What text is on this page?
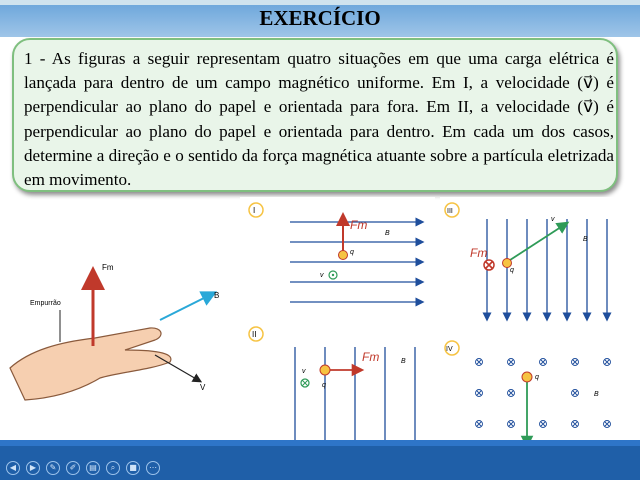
EXERCÍCIO
1 - As figuras a seguir representam quatro situações em que uma carga elétrica é lançada para dentro de um campo magnético uniforme. Em I, a velocidade (v⃗) é perpendicular ao plano do papel e orientada para fora. Em II, a velocidade (v⃗) é perpendicular ao plano do papel e orientada para dentro. Em cada um dos casos, determine a direção e o sentido da força magnética atuante sobre a partícula eletrizada em movimento.
Fm
Empurrão
B
V
I
q
v
B
Fm
II
v
q
B
Fm
III
q
v
B
Fm
IV
q
B
◀	▶	✎	✐	▤	⌕	■	⋯
